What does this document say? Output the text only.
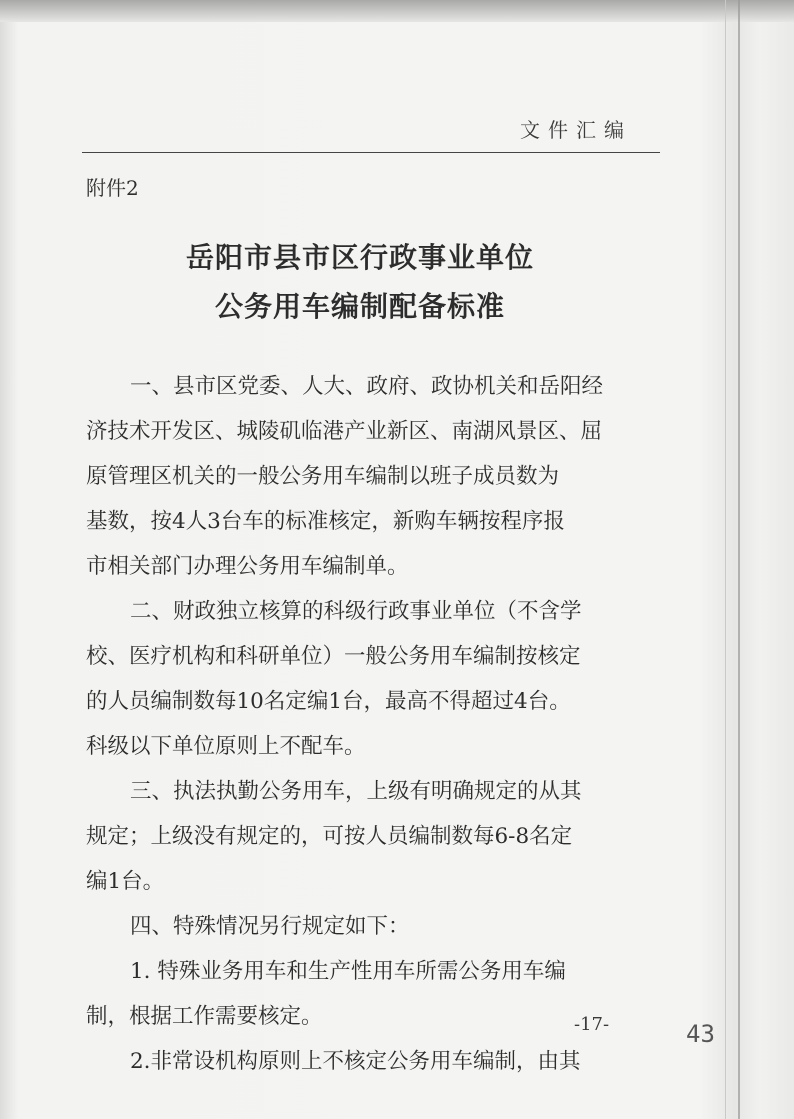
文件汇编
附件2
岳阳市县市区行政事业单位
公务用车编制配备标准
一、县市区党委、人大、政府、政协机关和岳阳经
济技术开发区、城陵矶临港产业新区、南湖风景区、屈
原管理区机关的一般公务用车编制以班子成员数为
基数，按4人3台车的标准核定，新购车辆按程序报
市相关部门办理公务用车编制单。
二、财政独立核算的科级行政事业单位（不含学
校、医疗机构和科研单位）一般公务用车编制按核定
的人员编制数每10名定编1台，最高不得超过4台。
科级以下单位原则上不配车。
三、执法执勤公务用车，上级有明确规定的从其
规定；上级没有规定的，可按人员编制数每6-8名定
编1台。
四、特殊情况另行规定如下：
1. 特殊业务用车和生产性用车所需公务用车编
制，根据工作需要核定。
2.非常设机构原则上不核定公务用车编制，由其
-17-	43
